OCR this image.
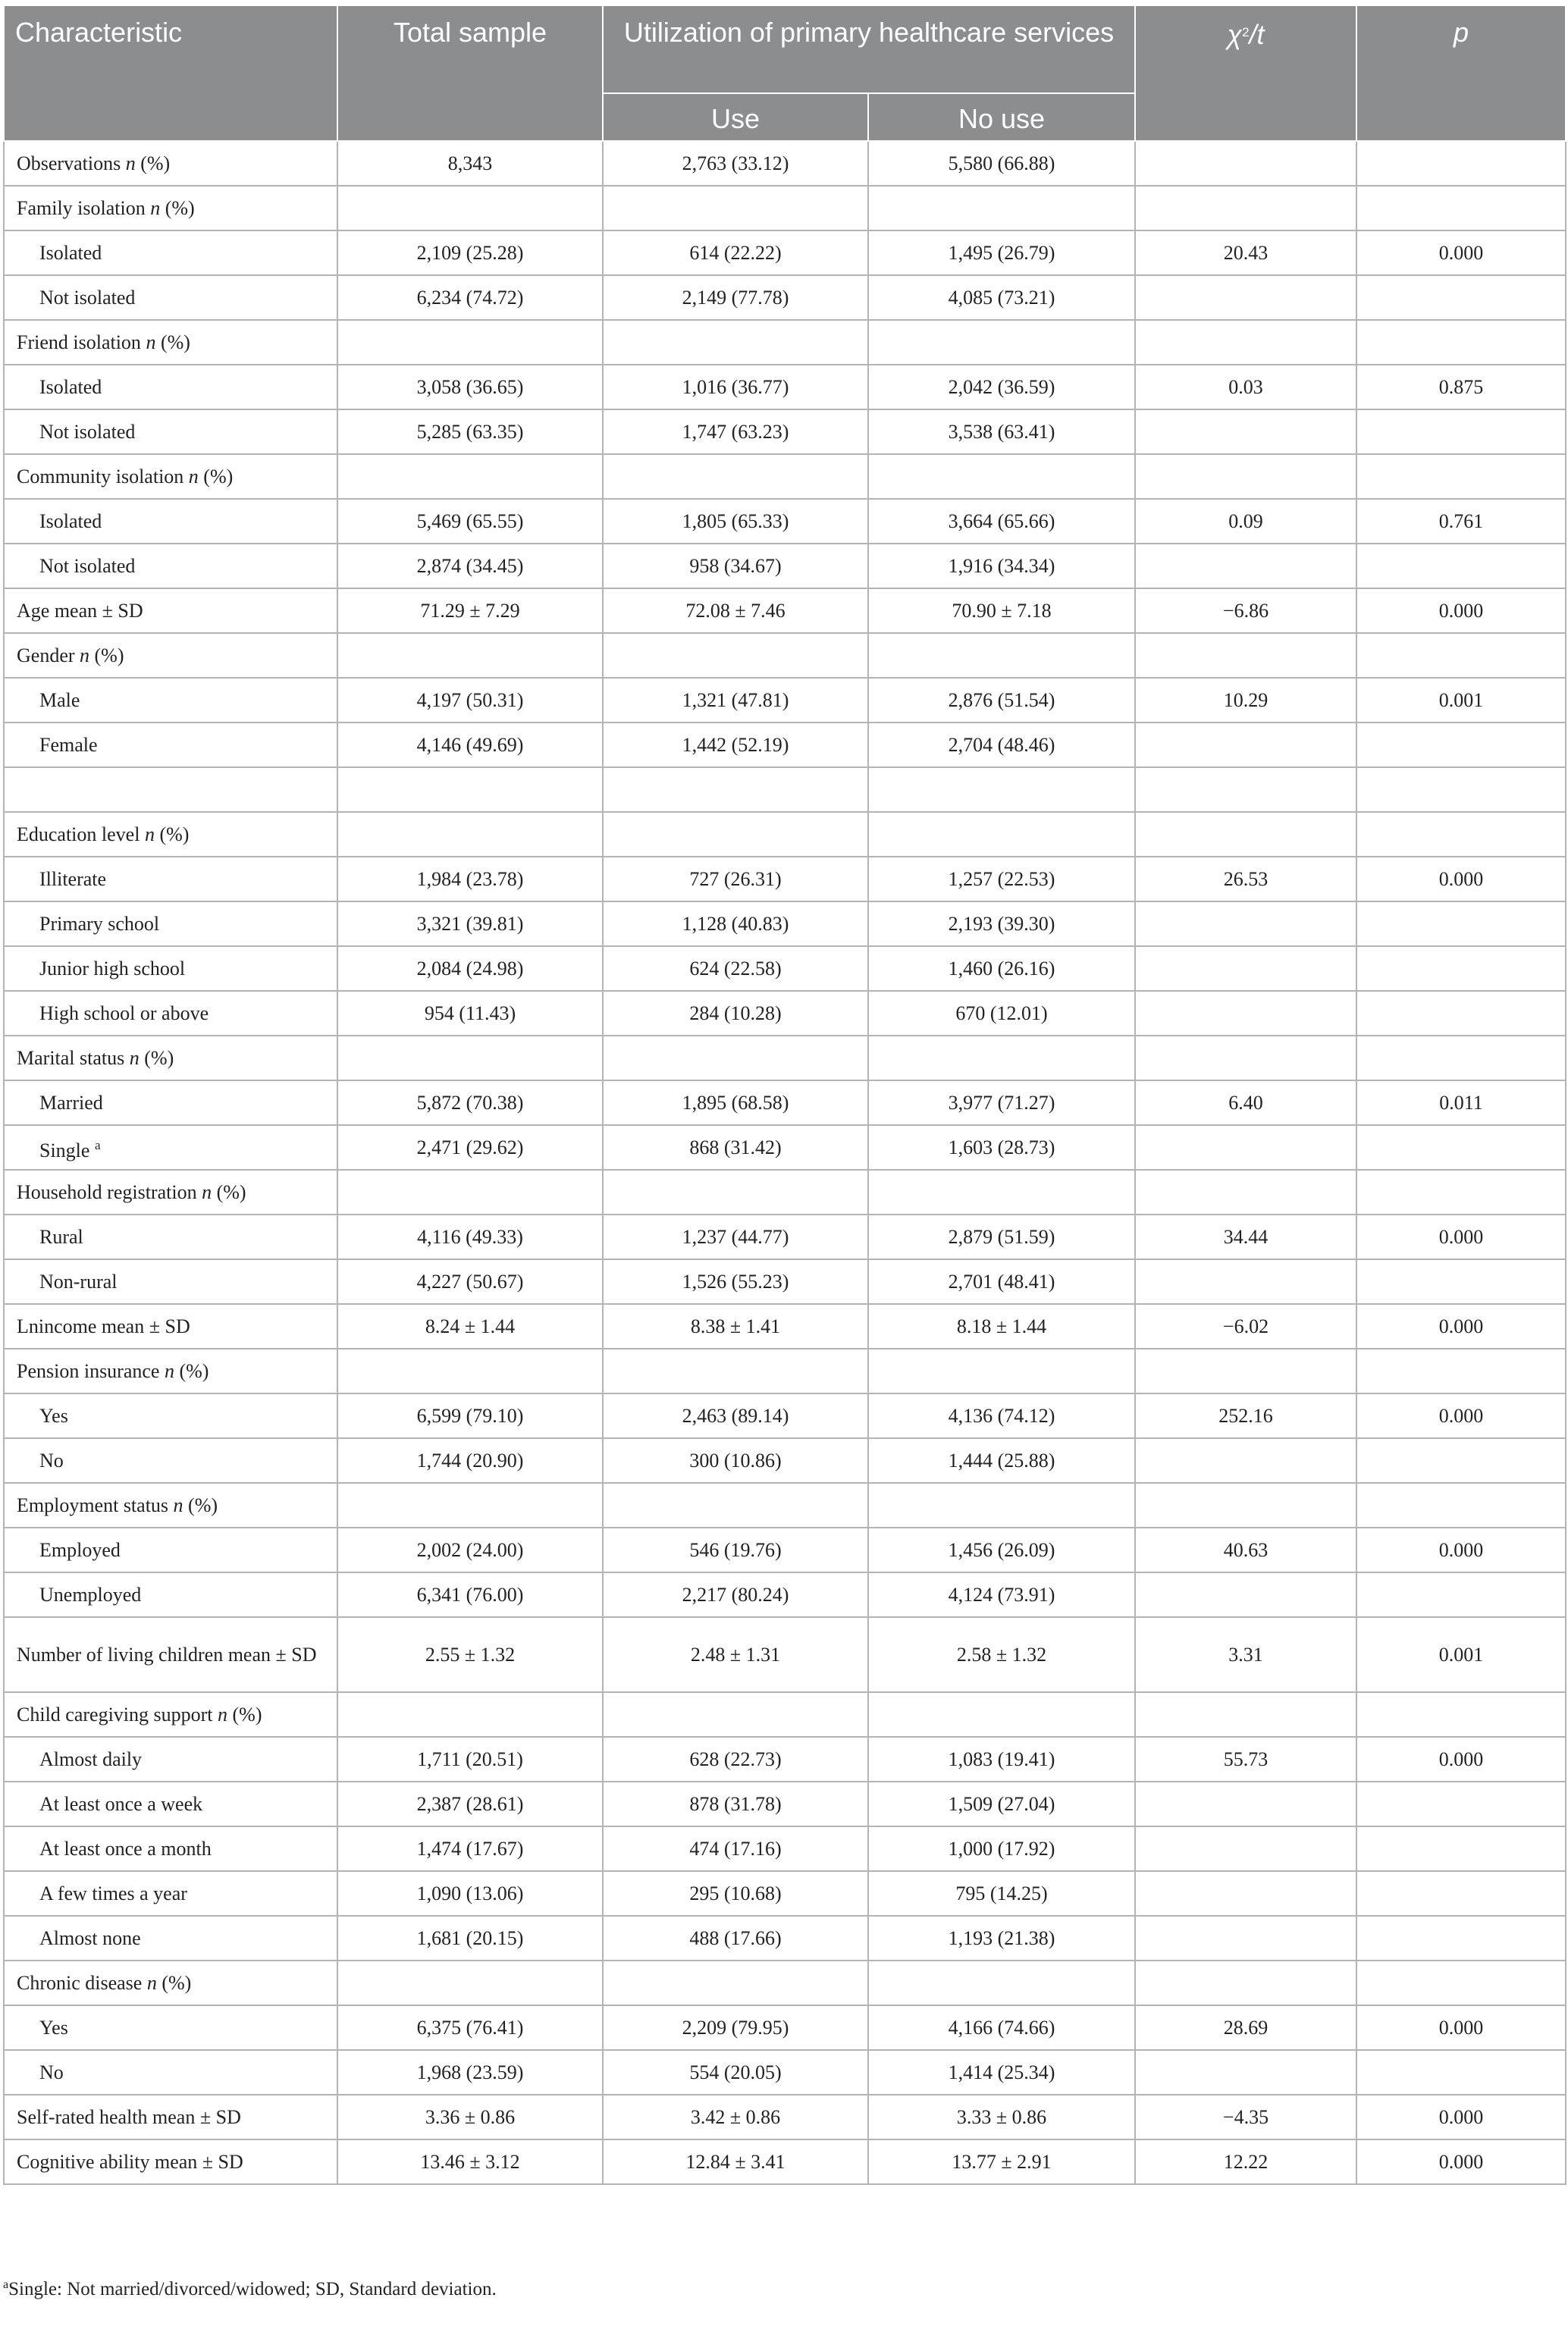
Characteristic	Total sample	Utilization of primary healthcare services		$\chi^2/t$	p
		Use	No use		
Observations n (%)	8,343	2,763 (33.12)	5,580 (66.88)		
Family isolation n (%)					
Isolated	2,109 (25.28)	614 (22.22)	1,495 (26.79)	20.43	0.000
Not isolated	6,234 (74.72)	2,149 (77.78)	4,085 (73.21)		
Friend isolation n (%)					
Isolated	3,058 (36.65)	1,016 (36.77)	2,042 (36.59)	0.03	0.875
Not isolated	5,285 (63.35)	1,747 (63.23)	3,538 (63.41)		
Community isolation n (%)					
Isolated	5,469 (65.55)	1,805 (65.33)	3,664 (65.66)	0.09	0.761
Not isolated	2,874 (34.45)	958 (34.67)	1,916 (34.34)		
Age mean ± SD	71.29 ± 7.29	72.08 ± 7.46	70.90 ± 7.18	−6.86	0.000
Gender n (%)					
Male	4,197 (50.31)	1,321 (47.81)	2,876 (51.54)	10.29	0.001
Female	4,146 (49.69)	1,442 (52.19)	2,704 (48.46)		

Education level n (%)					
Illiterate	1,984 (23.78)	727 (26.31)	1,257 (22.53)	26.53	0.000
Primary school	3,321 (39.81)	1,128 (40.83)	2,193 (39.30)		
Junior high school	2,084 (24.98)	624 (22.58)	1,460 (26.16)		
High school or above	954 (11.43)	284 (10.28)	670 (12.01)		
Marital status n (%)					
Married	5,872 (70.38)	1,895 (68.58)	3,977 (71.27)	6.40	0.011
Single $^a$	2,471 (29.62)	868 (31.42)	1,603 (28.73)		
Household registration n (%)					
Rural	4,116 (49.33)	1,237 (44.77)	2,879 (51.59)	34.44	0.000
Non-rural	4,227 (50.67)	1,526 (55.23)	2,701 (48.41)		
Lnincome mean ± SD	8.24 ± 1.44	8.38 ± 1.41	8.18 ± 1.44	−6.02	0.000
Pension insurance n (%)					
Yes	6,599 (79.10)	2,463 (89.14)	4,136 (74.12)	252.16	0.000
No	1,744 (20.90)	300 (10.86)	1,444 (25.88)		
Employment status n (%)					
Employed	2,002 (24.00)	546 (19.76)	1,456 (26.09)	40.63	0.000
Unemployed	6,341 (76.00)	2,217 (80.24)	4,124 (73.91)		
Number of living children mean ± SD	2.55 ± 1.32	2.48 ± 1.31	2.58 ± 1.32	3.31	0.001
Child caregiving support n (%)					
Almost daily	1,711 (20.51)	628 (22.73)	1,083 (19.41)	55.73	0.000
At least once a week	2,387 (28.61)	878 (31.78)	1,509 (27.04)		
At least once a month	1,474 (17.67)	474 (17.16)	1,000 (17.92)		
A few times a year	1,090 (13.06)	295 (10.68)	795 (14.25)		
Almost none	1,681 (20.15)	488 (17.66)	1,193 (21.38)		
Chronic disease n (%)					
Yes	6,375 (76.41)	2,209 (79.95)	4,166 (74.66)	28.69	0.000
No	1,968 (23.59)	554 (20.05)	1,414 (25.34)		
Self-rated health mean ± SD	3.36 ± 0.86	3.42 ± 0.86	3.33 ± 0.86	−4.35	0.000
Cognitive ability mean ± SD	13.46 ± 3.12	12.84 ± 3.41	13.77 ± 2.91	12.22	0.000
$^a$Single: Not married/divorced/widowed; SD, Standard deviation.
